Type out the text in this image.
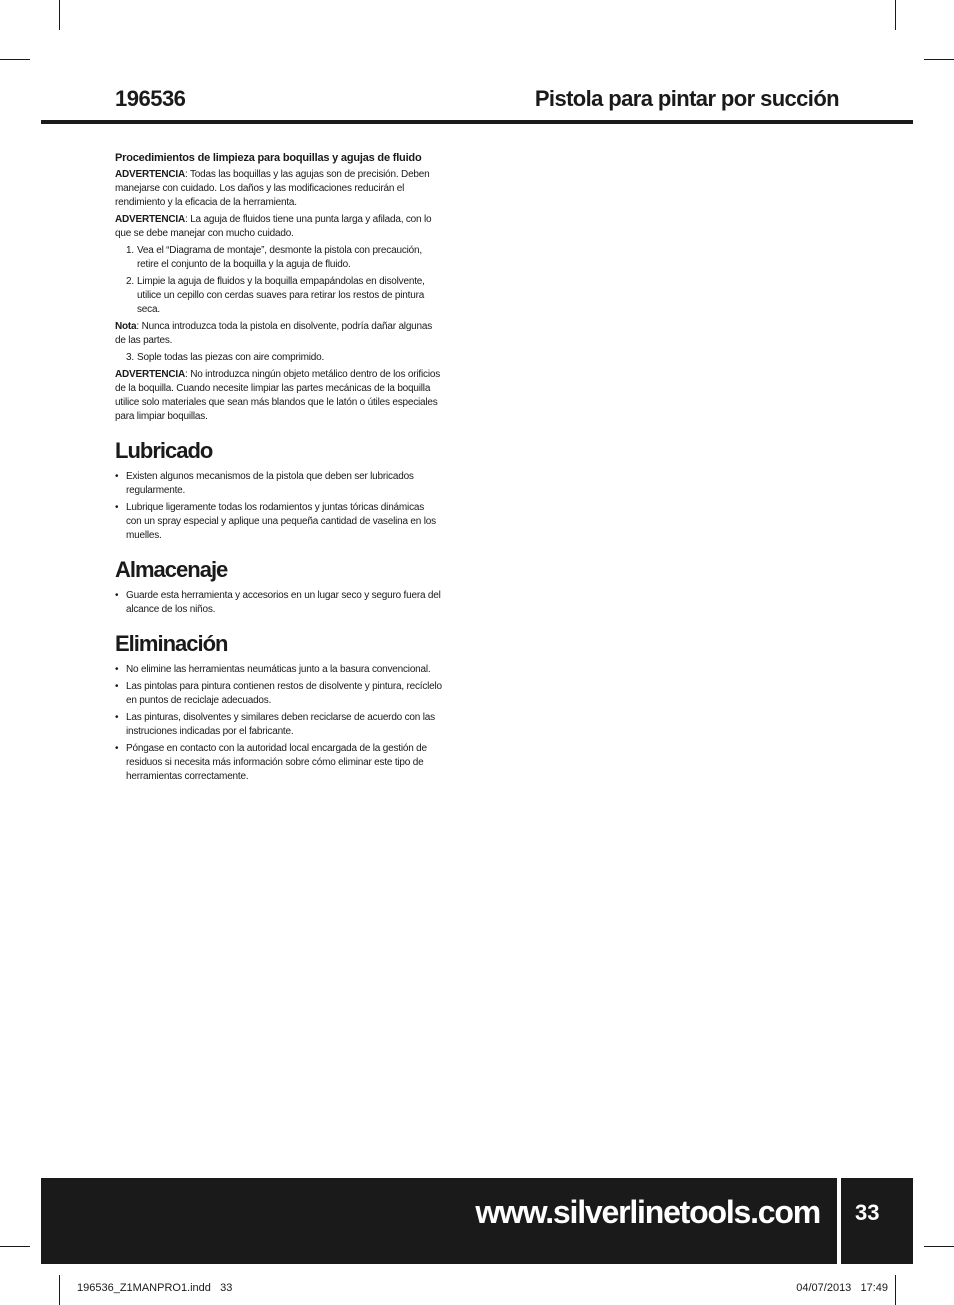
196536	Pistola para pintar por succión

Procedimientos de limpieza para boquillas y agujas de fluido

ADVERTENCIA: Todas las boquillas y las agujas son de precisión. Deben manejarse con cuidado. Los daños y las modificaciones reducirán el rendimiento y la eficacia de la herramienta.

ADVERTENCIA: La aguja de fluidos tiene una punta larga y afilada, con lo que se debe manejar con mucho cuidado.

1. Vea el “Diagrama de montaje”, desmonte la pistola con precaución, retire el conjunto de la boquilla y la aguja de fluido.
2. Limpie la aguja de fluidos y la boquilla empapándolas en disolvente, utilice un cepillo con cerdas suaves para retirar los restos de pintura seca.

Nota: Nunca introduzca toda la pistola en disolvente, podría dañar algunas de las partes.

3. Sople todas las piezas con aire comprimido.

ADVERTENCIA: No introduzca ningún objeto metálico dentro de los orificios de la boquilla. Cuando necesite limpiar las partes mecánicas de la boquilla utilice solo materiales que sean más blandos que le latón o útiles especiales para limpiar boquillas.

Lubricado
• Existen algunos mecanismos de la pistola que deben ser lubricados regularmente.
• Lubrique ligeramente todas los rodamientos y juntas tóricas dinámicas con un spray especial y aplique una pequeña cantidad de vaselina en los muelles.
Almacenaje
• Guarde esta herramienta y accesorios en un lugar seco y seguro fuera del alcance de los niños.
Eliminación
• No elimine las herramientas neumáticas junto a la basura convencional.
• Las pintolas para pintura contienen restos de disolvente y pintura, recíclelo en puntos de reciclaje adecuados.
• Las pinturas, disolventes y similares deben reciclarse de acuerdo con las instruciones indicadas por el fabricante.
• Póngase en contacto con la autoridad local encargada de la gestión de residuos si necesita más información sobre cómo eliminar este tipo de herramientas correctamente.
www.silverlinetools.com 33
196536_Z1MANPRO1.indd   33	04/07/2013   17:49
